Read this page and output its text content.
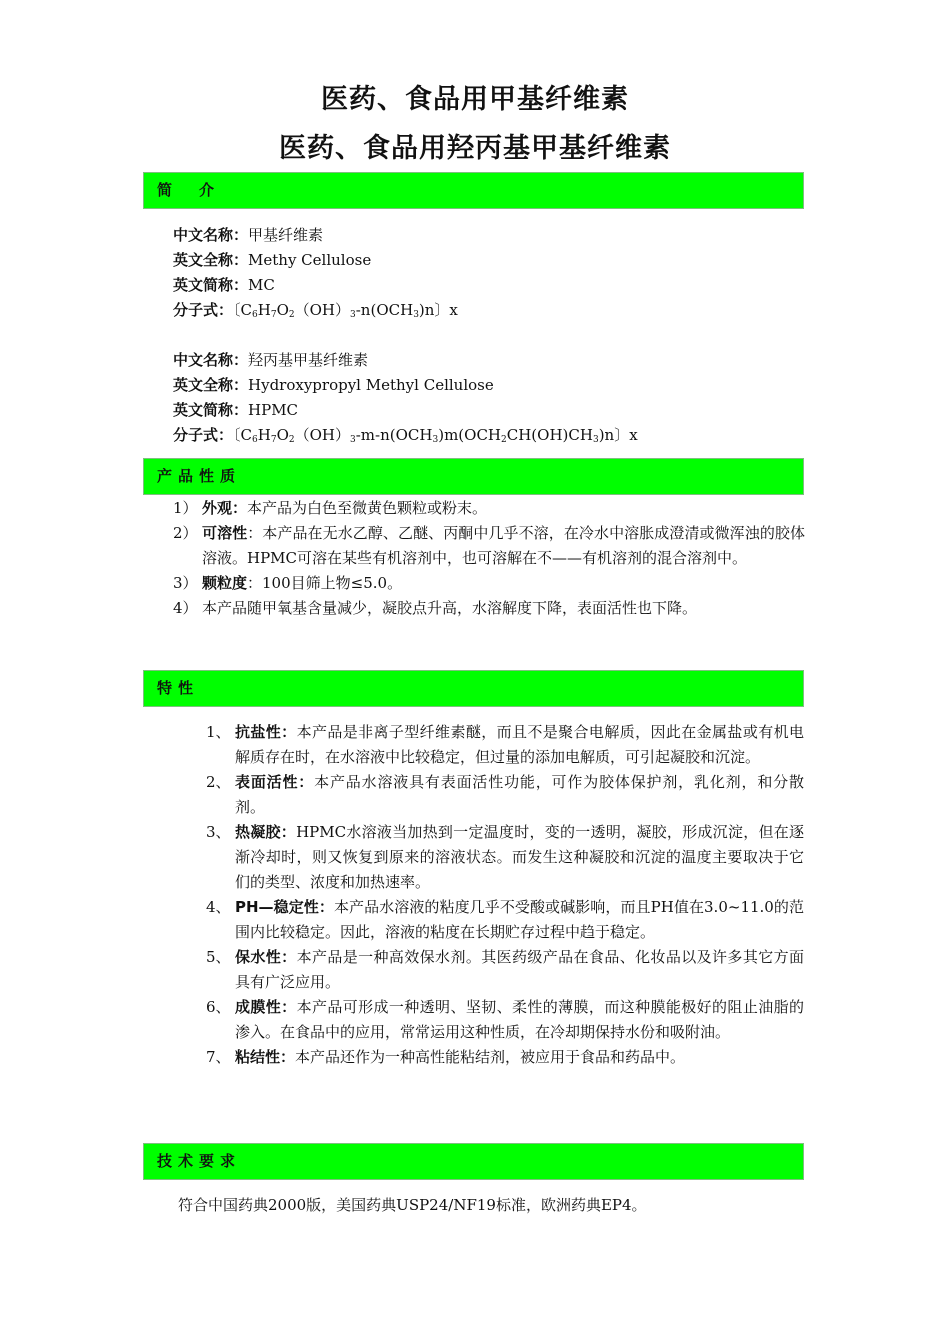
医药、食品用甲基纤维素
医药、食品用羟丙基甲基纤维素
简　介
中文名称：甲基纤维素
英文全称：Methy Cellulose
英文简称：MC
分子式：〔$C_6H_7O_2(OH)_3-n(OCH_3)n$〕x
中文名称：羟丙基甲基纤维素
英文全称：Hydroxypropyl Methyl Cellulose
英文简称：HPMC
分子式：〔$C_6H_7O_2(OH)_3-m-n(OCH_3)m(OCH_2CH(OH)CH_3)n$〕x
产品性质
1） 外观：本产品为白色至微黄色颗粒或粉末。
2） 可溶性：本产品在无水乙醇、乙醚、丙酮中几乎不溶，在冷水中溶胀成澄清或微浑浊的胶体溶液。HPMC可溶在某些有机溶剂中，也可溶解在不——有机溶剂的混合溶剂中。
3） 颗粒度：100目筛上物≤5.0。
4） 本产品随甲氧基含量减少，凝胶点升高，水溶解度下降，表面活性也下降。
特性
1、 抗盐性：本产品是非离子型纤维素醚，而且不是聚合电解质，因此在金属盐或有机电解质存在时，在水溶液中比较稳定，但过量的添加电解质，可引起凝胶和沉淀。
2、 表面活性：本产品水溶液具有表面活性功能，可作为胶体保护剂，乳化剂，和分散剂。
3、 热凝胶：HPMC水溶液当加热到一定温度时，变的一透明，凝胶，形成沉淀，但在逐渐冷却时，则又恢复到原来的溶液状态。而发生这种凝胶和沉淀的温度主要取决于它们的类型、浓度和加热速率。
4、 PH—稳定性：本产品水溶液的粘度几乎不受酸或碱影响，而且PH值在3.0~11.0的范围内比较稳定。因此，溶液的粘度在长期贮存过程中趋于稳定。
5、 保水性：本产品是一种高效保水剂。其医药级产品在食品、化妆品以及许多其它方面具有广泛应用。
6、 成膜性：本产品可形成一种透明、坚韧、柔性的薄膜，而这种膜能极好的阻止油脂的渗入。在食品中的应用，常常运用这种性质，在冷却期保持水份和吸附油。
7、 粘结性：本产品还作为一种高性能粘结剂，被应用于食品和药品中。
技术要求
符合中国药典2000版，美国药典USP24/NF19标准，欧洲药典EP4。
